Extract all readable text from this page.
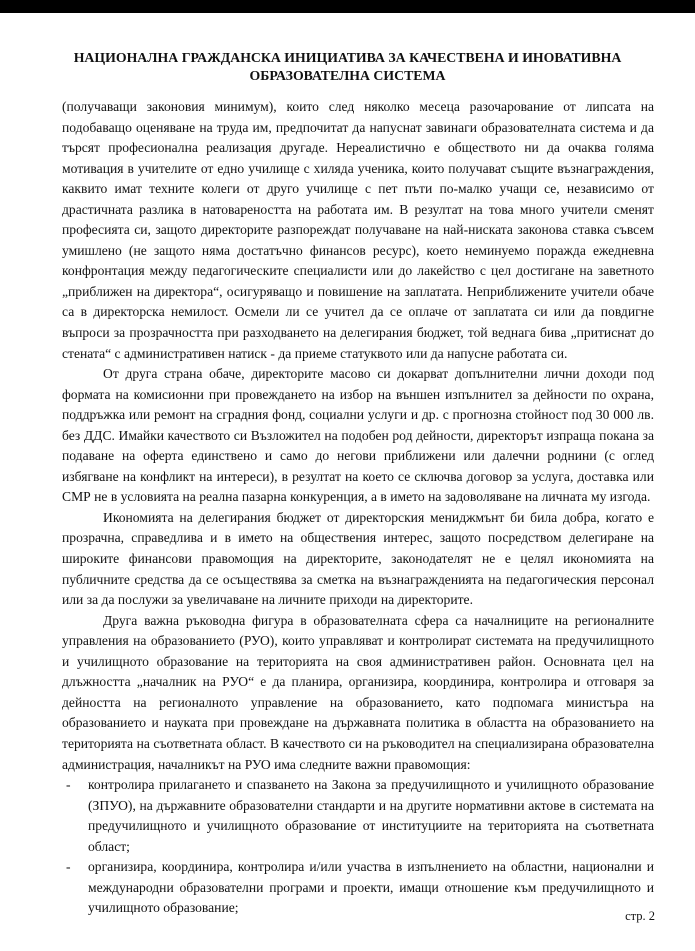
НАЦИОНАЛНА ГРАЖДАНСКА ИНИЦИАТИВА ЗА КАЧЕСТВЕНА И ИНОВАТИВНА
ОБРАЗОВАТЕЛНА СИСТЕМА

(получаващи законовия минимум), които след няколко месеца разочарование от липсата на подобаващо оценяване на труда им, предпочитат да напуснат завинаги образователната система и да търсят професионална реализация другаде. Нереалистично е обществото ни да очаква голяма мотивация в учителите от едно училище с хиляда ученика, които получават същите възнаграждения, каквито имат техните колеги от друго училище с пет пъти по-малко учащи се, независимо от драстичната разлика в натовареността на работата им. В резултат на това много учители сменят професията си, защото директорите разпореждат получаване на най-ниската законова ставка съвсем умишлено (не защото няма достатъчно финансов ресурс), което неминуемо поражда ежедневна конфронтация между педагогическите специалисти или до лакейство с цел достигане на заветното „приближен на директора“, осигуряващо и повишение на заплатата. Неприближените учители обаче са в директорска немилост. Осмели ли се учител да се оплаче от заплатата си или да повдигне въпроси за прозрачността при разходването на делегирания бюджет, той веднага бива „притиснат до стената“ с административен натиск - да приеме статуквото или да напусне работата си.

От друга страна обаче, директорите масово си докарват допълнителни лични доходи под формата на комисионни при провеждането на избор на външен изпълнител за дейности по охрана, поддръжка или ремонт на сградния фонд, социални услуги и др. с прогнозна стойност под 30 000 лв. без ДДС. Имайки качеството си Възложител на подобен род дейности, директорът изпраща покана за подаване на оферта единствено и само до негови приближени или далечни роднини (с оглед избягване на конфликт на интереси), в резултат на което се сключва договор за услуга, доставка или СМР не в условията на реална пазарна конкуренция, а в името на задоволяване на личната му изгода.

Икономията на делегирания бюджет от директорския мениджмънт би била добра, когато е прозрачна, справедлива и в името на обществения интерес, защото посредством делегиране на широките финансови правомощия на директорите, законодателят не е целял икономията на публичните средства да се осъществява за сметка на възнагражденията на педагогическия персонал или за да послужи за увеличаване на личните приходи на директорите.

Друга важна ръководна фигура в образователната сфера са началниците на регионалните управления на образованието (РУО), които управляват и контролират системата на предучилищното и училищното образование на територията на своя административен район. Основната цел на длъжността „началник на РУО“ е да планира, организира, координира, контролира и отговаря за дейността на регионалното управление на образованието, като подпомага министъра на образованието и науката при провеждане на държавната политика в областта на образованието на територията на съответната област. В качеството си на ръководител на специализирана образователна администрация, началникът на РУО има следните важни правомощия:

- контролира прилагането и спазването на Закона за предучилищното и училищното образование (ЗПУО), на държавните образователни стандарти и на другите нормативни актове в системата на предучилищното и училищното образование от институциите на територията на съответната област;
- организира, координира, контролира и/или участва в изпълнението на областни, национални и международни образователни програми и проекти, имащи отношение към предучилищното и училищното образование;
стр. 2
